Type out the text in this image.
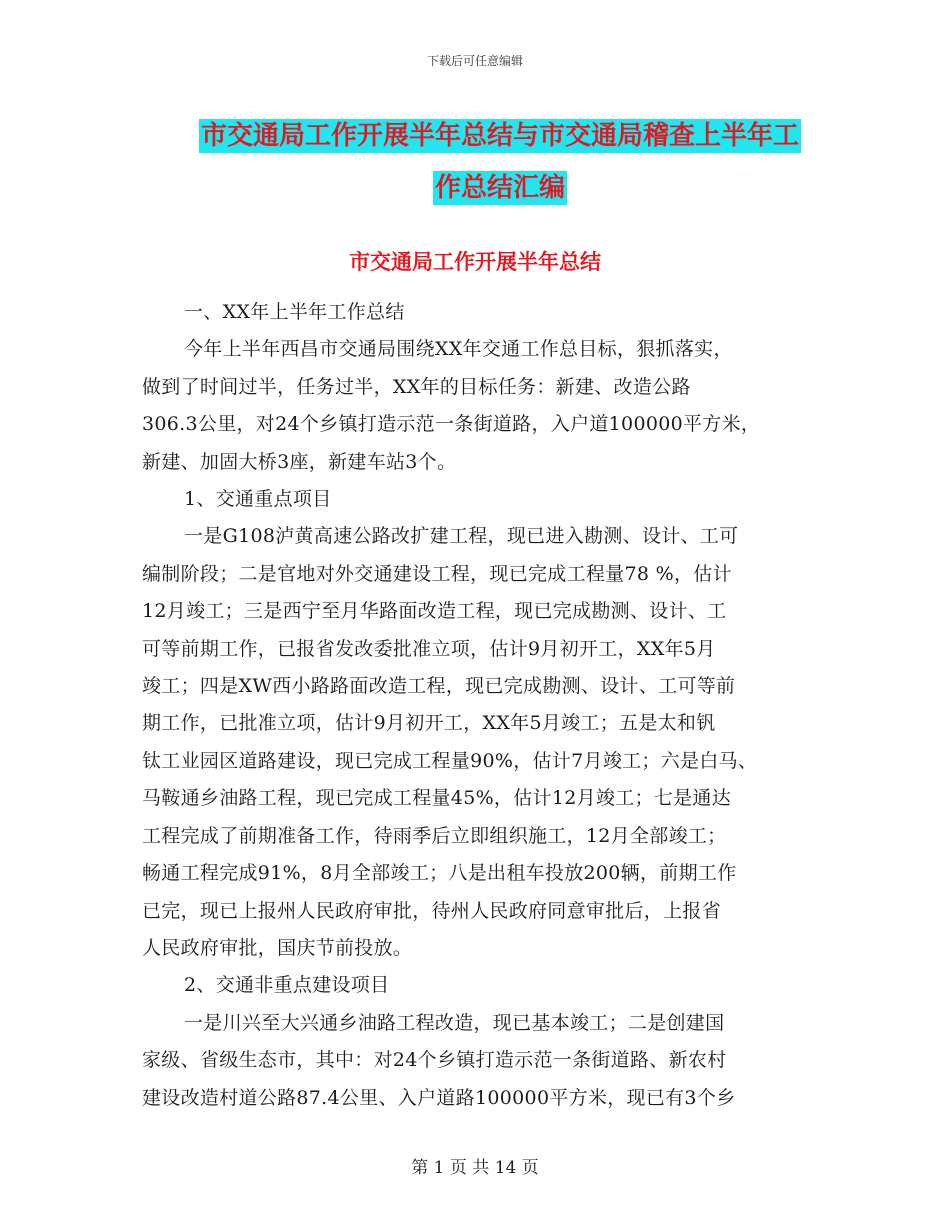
下载后可任意编辑
市交通局工作开展半年总结与市交通局稽查上半年工
作总结汇编
市交通局工作开展半年总结

一、XX年上半年工作总结

今年上半年西昌市交通局围绕XX年交通工作总目标，狠抓落实，

做到了时间过半，任务过半，XX年的目标任务：新建、改造公路

306.3公里，对24个乡镇打造示范一条街道路，入户道100000平方米，

新建、加固大桥3座，新建车站3个。

1、交通重点项目

一是G108泸黄高速公路改扩建工程，现已进入勘测、设计、工可

编制阶段；二是官地对外交通建设工程，现已完成工程量78 %，估计

12月竣工；三是西宁至月华路面改造工程，现已完成勘测、设计、工

可等前期工作，已报省发改委批准立项，估计9月初开工，XX年5月

竣工；四是XW西小路路面改造工程，现已完成勘测、设计、工可等前

期工作，已批准立项，估计9月初开工，XX年5月竣工；五是太和钒

钛工业园区道路建设，现已完成工程量90%，估计7月竣工；六是白马、

马鞍通乡油路工程，现已完成工程量45%，估计12月竣工；七是通达

工程完成了前期准备工作，待雨季后立即组织施工，12月全部竣工；

畅通工程完成91%，8月全部竣工；八是出租车投放200辆，前期工作

已完，现已上报州人民政府审批，待州人民政府同意审批后，上报省

人民政府审批，国庆节前投放。

2、交通非重点建设项目

一是川兴至大兴通乡油路工程改造，现已基本竣工；二是创建国

家级、省级生态市，其中：对24个乡镇打造示范一条街道路、新农村

建设改造村道公路87.4公里、入户道路100000平方米，现已有3个乡

第 1 页 共 14 页
